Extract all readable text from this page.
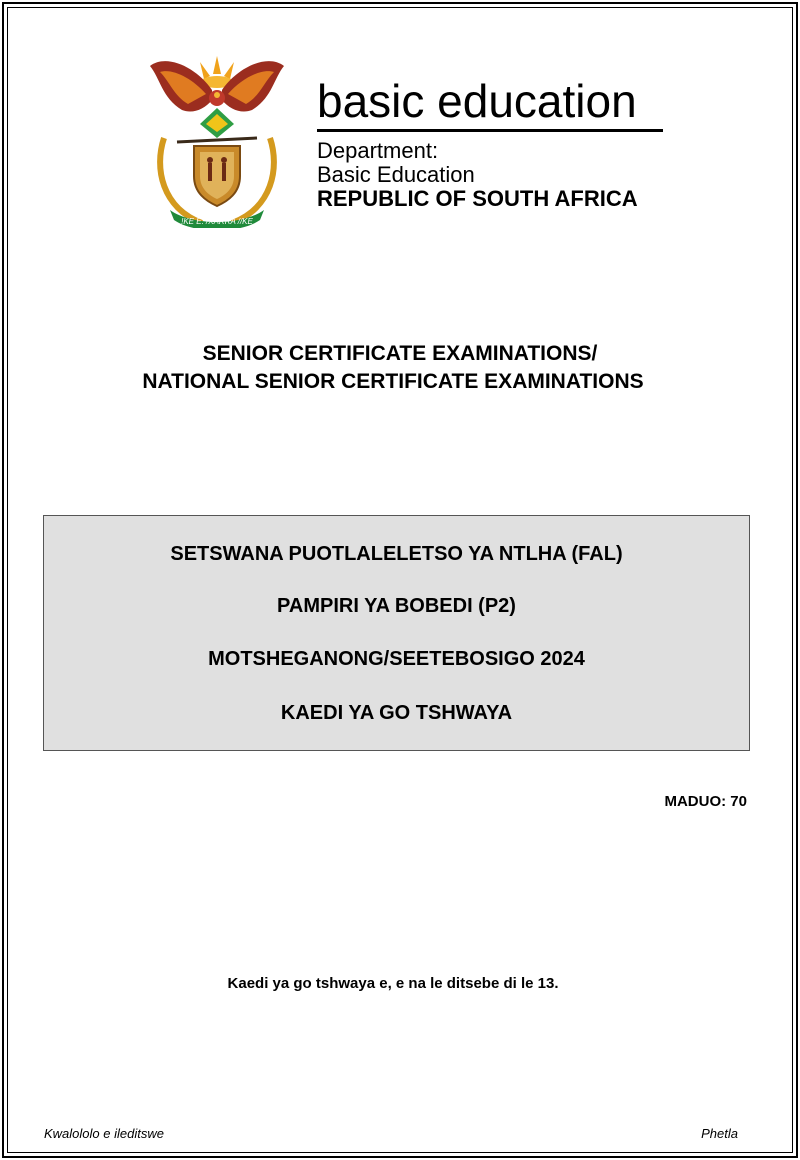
!KE E: /XARRA //KE
basic education
Department:
Basic Education
REPUBLIC OF SOUTH AFRICA
SENIOR CERTIFICATE EXAMINATIONS/
NATIONAL SENIOR CERTIFICATE EXAMINATIONS
SETSWANA PUOTLALELETSO YA NTLHA (FAL)
PAMPIRI YA BOBEDI (P2)
MOTSHEGANONG/SEETEBOSIGO 2024
KAEDI YA GO TSHWAYA
MADUO: 70
Kaedi ya go tshwaya e, e na le ditsebe di le 13.
Kwalololo e ileditswe	Phetla
